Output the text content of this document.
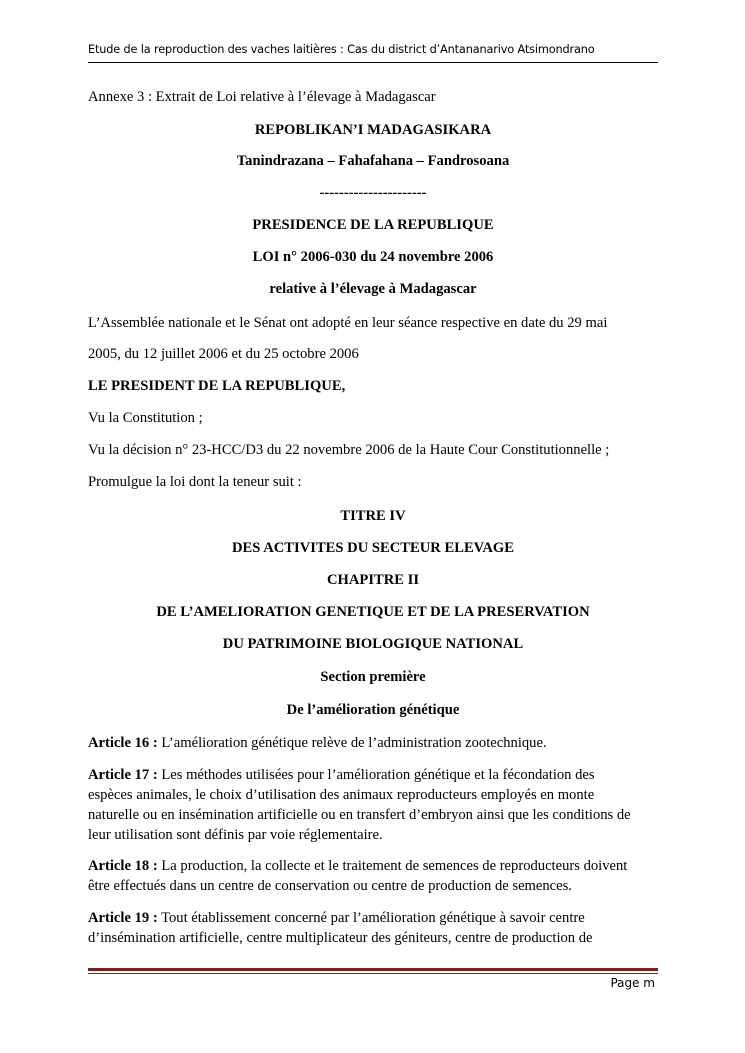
Etude de la reproduction des vaches laitières : Cas du district d’Antananarivo Atsimondrano
Annexe 3 : Extrait de Loi relative à l’élevage à Madagascar
REPOBLIKAN’I MADAGASIKARA
Tanindrazana – Fahafahana – Fandrosoana
----------------------
PRESIDENCE DE LA REPUBLIQUE
LOI n° 2006-030 du 24 novembre 2006
relative à l’élevage à Madagascar
L’Assemblée nationale et le Sénat ont adopté en leur séance respective en date du 29 mai
2005, du 12 juillet 2006 et du 25 octobre 2006
LE PRESIDENT DE LA REPUBLIQUE,
Vu la Constitution ;
Vu la décision n° 23-HCC/D3 du 22 novembre 2006 de la Haute Cour Constitutionnelle ;
Promulgue la loi dont la teneur suit :
TITRE IV
DES ACTIVITES DU SECTEUR ELEVAGE
CHAPITRE II
DE L’AMELIORATION GENETIQUE ET DE LA PRESERVATION
DU PATRIMOINE BIOLOGIQUE NATIONAL
Section première
De l’amélioration génétique
Article 16 : L’amélioration génétique relève de l’administration zootechnique.
Article 17 : Les méthodes utilisées pour l’amélioration génétique et la fécondation des
espèces animales, le choix d’utilisation des animaux reproducteurs employés en monte
naturelle ou en insémination artificielle ou en transfert d’embryon ainsi que les conditions de
leur utilisation sont définis par voie réglementaire.
Article 18 : La production, la collecte et le traitement de semences de reproducteurs doivent
être effectués dans un centre de conservation ou centre de production de semences.
Article 19 : Tout établissement concerné par l’amélioration génétique à savoir centre
d’insémination artificielle, centre multiplicateur des géniteurs, centre de production de
Page m
